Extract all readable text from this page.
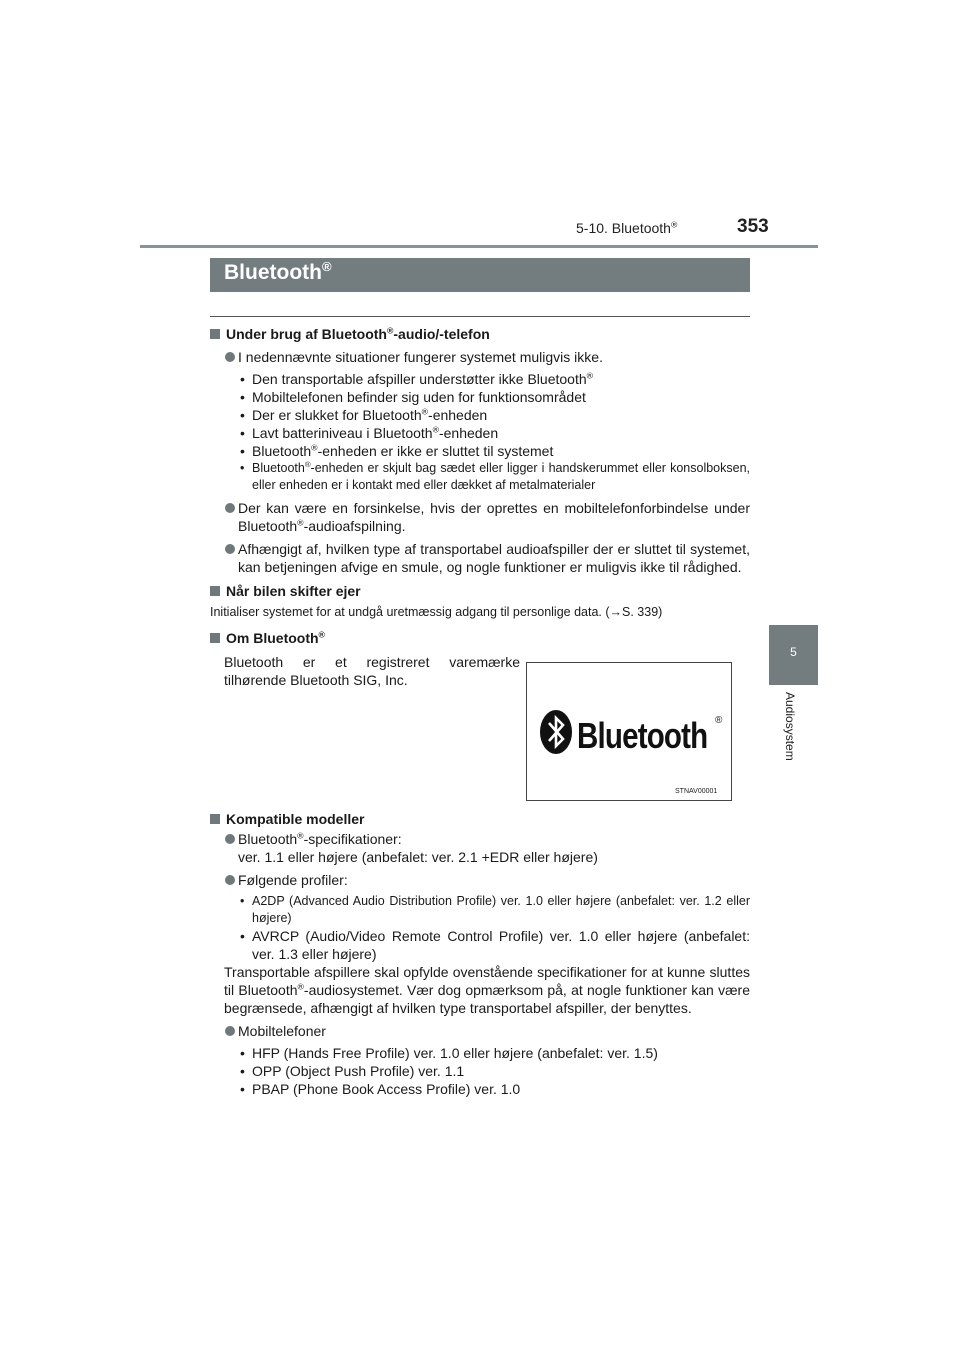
5-10. Bluetooth®	353
5
Audiosystem
Bluetooth®
Under brug af Bluetooth®-audio/-telefon
I nedennævnte situationer fungerer systemet muligvis ikke.
• Den transportable afspiller understøtter ikke Bluetooth®
• Mobiltelefonen befinder sig uden for funktionsområdet
• Der er slukket for Bluetooth®-enheden
• Lavt batteriniveau i Bluetooth®-enheden
• Bluetooth®-enheden er ikke er sluttet til systemet
• Bluetooth®-enheden er skjult bag sædet eller ligger i handskerummet eller konsolboksen, eller enheden er i kontakt med eller dækket af metalmaterialer
Der kan være en forsinkelse, hvis der oprettes en mobiltelefonforbindelse under Bluetooth®-audioafspilning.
Afhængigt af, hvilken type af transportabel audioafspiller der er sluttet til systemet, kan betjeningen afvige en smule, og nogle funktioner er muligvis ikke til rådighed.
Når bilen skifter ejer
Initialiser systemet for at undgå uretmæssig adgang til personlige data. (→S. 339)
Om Bluetooth®
Bluetooth er et registreret varemærke tilhørende Bluetooth SIG, Inc.
Kompatible modeller
Bluetooth®-specifikationer:
ver. 1.1 eller højere (anbefalet: ver. 2.1 +EDR eller højere)
Følgende profiler:
• A2DP (Advanced Audio Distribution Profile) ver. 1.0 eller højere (anbefalet: ver. 1.2 eller højere)
• AVRCP (Audio/Video Remote Control Profile) ver. 1.0 eller højere (anbefalet: ver. 1.3 eller højere)
Transportable afspillere skal opfylde ovenstående specifikationer for at kunne sluttes til Bluetooth®-audiosystemet. Vær dog opmærksom på, at nogle funktioner kan være begrænsede, afhængigt af hvilken type transportabel afspiller, der benyttes.
Mobiltelefoner
• HFP (Hands Free Profile) ver. 1.0 eller højere (anbefalet: ver. 1.5)
• OPP (Object Push Profile) ver. 1.1
• PBAP (Phone Book Access Profile) ver. 1.0
Bluetooth ®
STNAV00001
